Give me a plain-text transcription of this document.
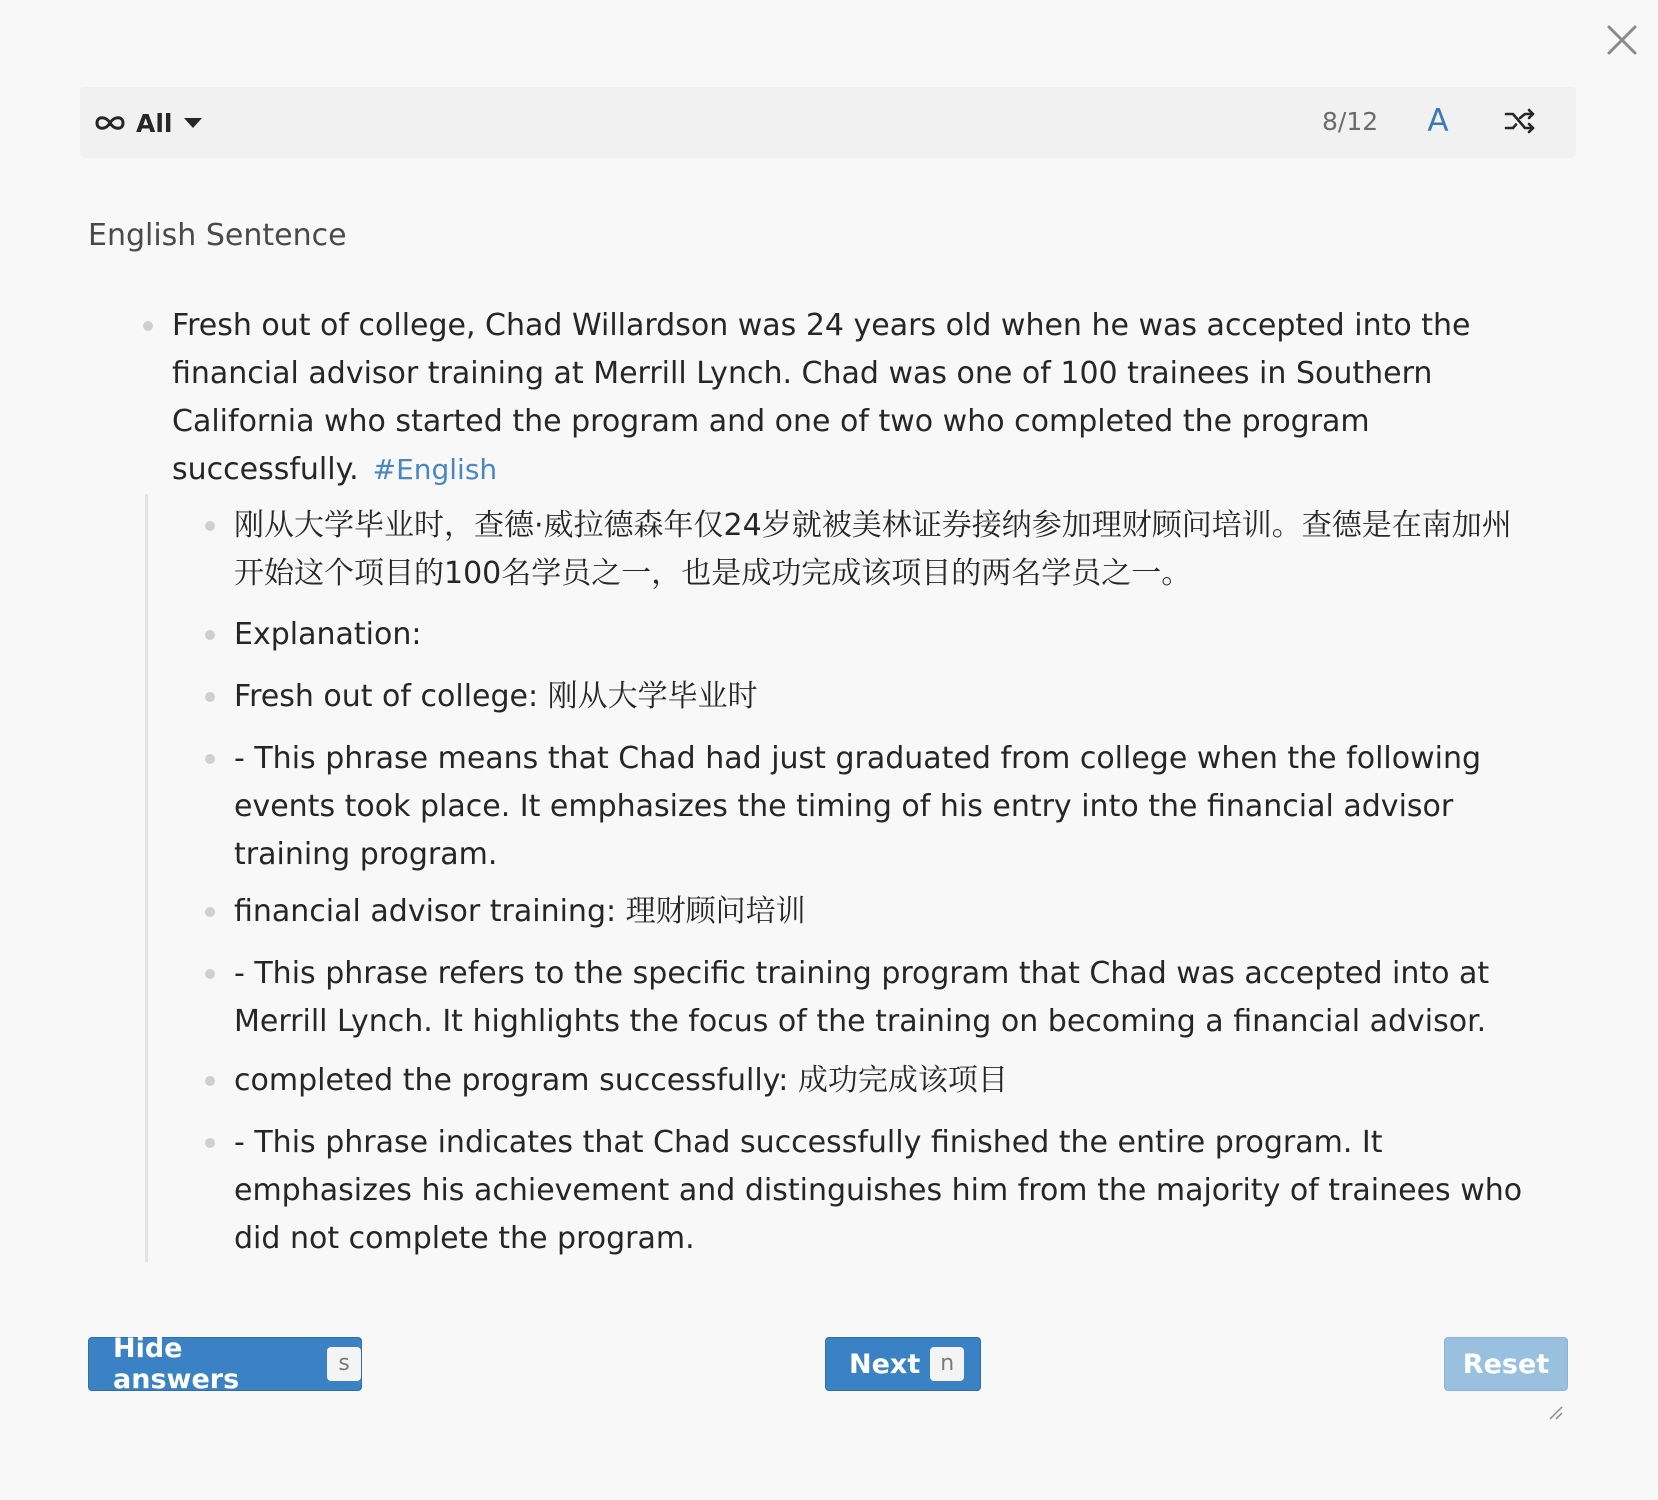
All	8/12 A
English Sentence
Fresh out of college, Chad Willardson was 24 years old when he was accepted into the financial advisor training at Merrill Lynch. Chad was one of 100 trainees in Southern California who started the program and one of two who completed the program successfully. #English
刚从大学毕业时，查德·威拉德森年仅24岁就被美林证券接纳参加理财顾问培训。查德是在南加州开始这个项目的100名学员之一，也是成功完成该项目的两名学员之一。
Explanation:
Fresh out of college: 刚从大学毕业时
- This phrase means that Chad had just graduated from college when the following events took place. It emphasizes the timing of his entry into the financial advisor training program.
financial advisor training: 理财顾问培训
- This phrase refers to the specific training program that Chad was accepted into at Merrill Lynch. It highlights the focus of the training on becoming a financial advisor.
completed the program successfully: 成功完成该项目
- This phrase indicates that Chad successfully finished the entire program. It emphasizes his achievement and distinguishes him from the majority of trainees who did not complete the program.
Hide answers
s	Next n	Reset
